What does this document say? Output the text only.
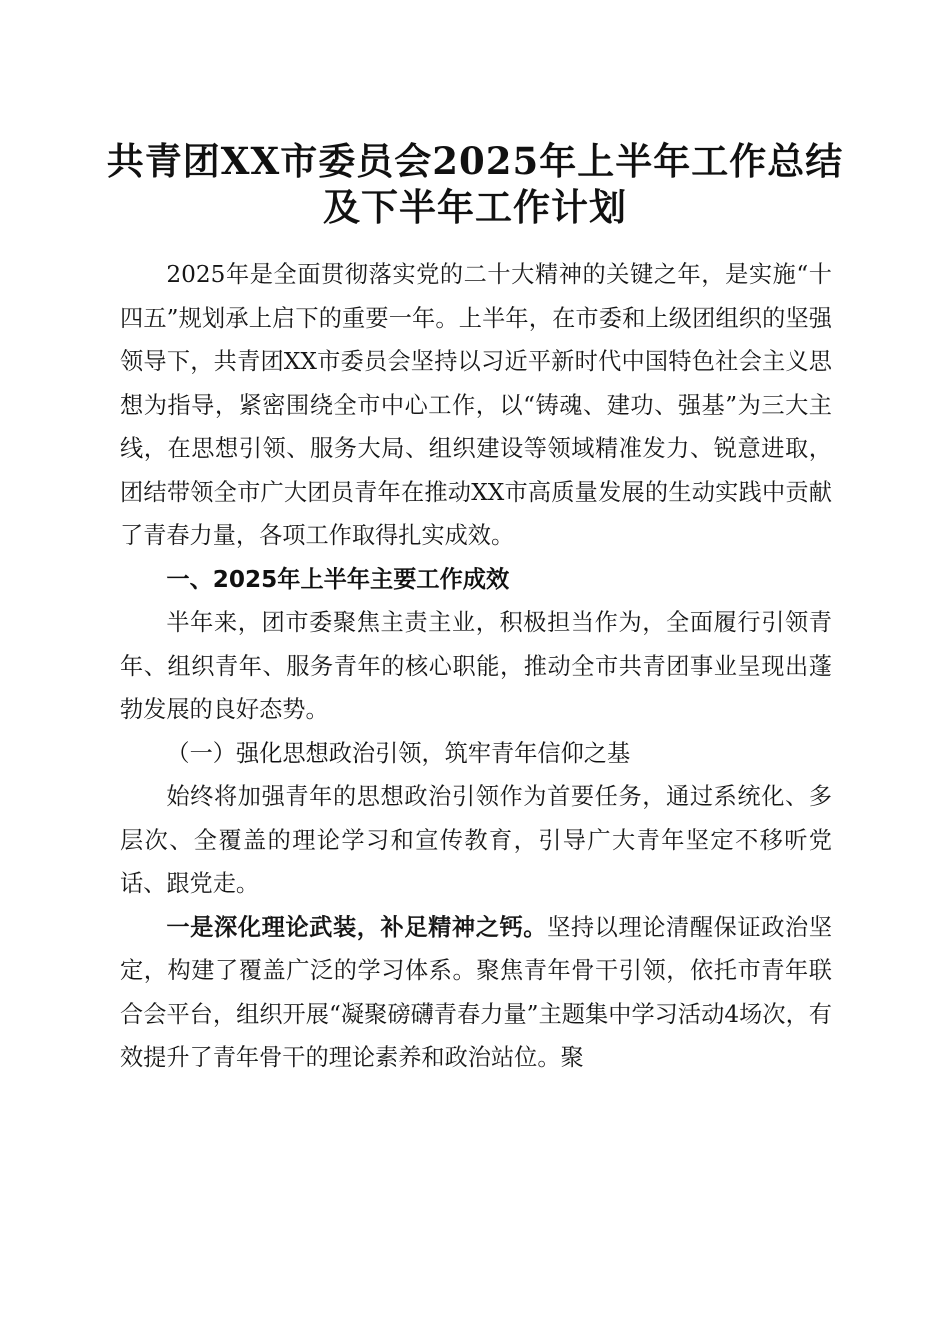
共青团XX市委员会2025年上半年工作总结
及下半年工作计划

2025年是全面贯彻落实党的二十大精神的关键之年，是实施“十四五”规划承上启下的重要一年。上半年，在市委和上级团组织的坚强领导下，共青团XX市委员会坚持以习近平新时代中国特色社会主义思想为指导，紧密围绕全市中心工作，以“铸魂、建功、强基”为三大主线，在思想引领、服务大局、组织建设等领域精准发力、锐意进取，团结带领全市广大团员青年在推动XX市高质量发展的生动实践中贡献了青春力量，各项工作取得扎实成效。

一、2025年上半年主要工作成效

半年来，团市委聚焦主责主业，积极担当作为，全面履行引领青年、组织青年、服务青年的核心职能，推动全市共青团事业呈现出蓬勃发展的良好态势。

（一）强化思想政治引领，筑牢青年信仰之基

始终将加强青年的思想政治引领作为首要任务，通过系统化、多层次、全覆盖的理论学习和宣传教育，引导广大青年坚定不移听党话、跟党走。

一是深化理论武装，补足精神之钙。坚持以理论清醒保证政治坚定，构建了覆盖广泛的学习体系。聚焦青年骨干引领，依托市青年联合会平台，组织开展“凝聚磅礴青春力量”主题集中学习活动4场次，有效提升了青年骨干的理论素养和政治站位。聚
